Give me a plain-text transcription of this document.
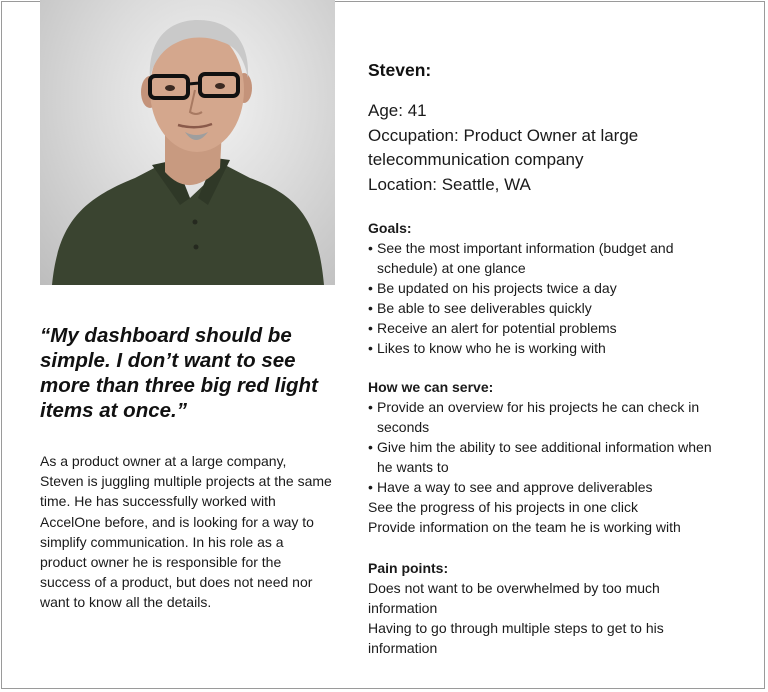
“My dashboard should be simple. I don’t want to see more than three big red light items at once.”
As a product owner at a large company, Steven is juggling multiple projects at the same time. He has successfully worked with AccelOne before, and is looking for a way to simplify communication. In his role as a product owner he is responsible for the success of a product, but does not need nor want to know all the details.
Steven:
Age: 41
Occupation: Product Owner at large telecommunication company
Location: Seattle, WA
Goals:
• See the most important information (budget and schedule) at one glance
• Be updated on his projects twice a day
• Be able to see deliverables quickly
• Receive an alert for potential problems
• Likes to know who he is working with
How we can serve:
• Provide an overview for his projects he can check in seconds
• Give him the ability to see additional information when he wants to
• Have a way to see and approve deliverables
See the progress of his projects in one click
Provide information on the team he is working with
Pain points:
Does not want to be overwhelmed by too much information
Having to go through multiple steps to get to his information
